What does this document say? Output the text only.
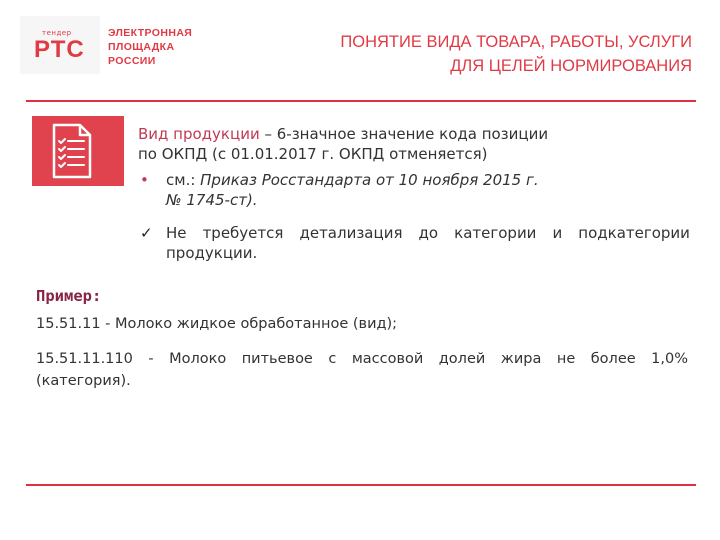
тендер
РТС
ЭЛЕКТРОННАЯ
ПЛОЩАДКА
РОССИИ
ПОНЯТИЕ ВИДА ТОВАРА, РАБОТЫ, УСЛУГИ
ДЛЯ ЦЕЛЕЙ НОРМИРОВАНИЯ
Вид продукции – 6-значное значение кода позиции
по ОКПД (с 01.01.2017 г. ОКПД отменяется)
• см.: Приказ Росстандарта от 10 ноября 2015 г.
№ 1745-ст).
✓ Не требуется детализация до категории и подкатегории
продукции.
Пример:
15.51.11 - Молоко жидкое обработанное (вид);
15.51.11.110 - Молоко питьевое с массовой долей жира не более 1,0%
(категория).
